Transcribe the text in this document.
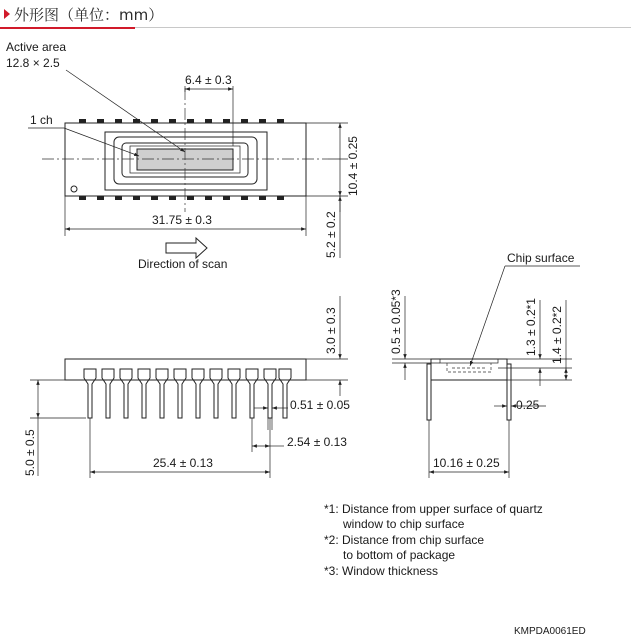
外形图（单位：mm）
Active area
12.8 × 2.5
1 ch
6.4 ± 0.3
10.4 ± 0.25
5.2 ± 0.2
31.75 ± 0.3
Direction of scan
3.0 ± 0.3
0.51 ± 0.05
2.54 ± 0.13
5.0 ± 0.5	25.4 ± 0.13
Chip surface
0.5 ± 0.05*3	1.3 ± 0.2*1 1.4 ± 0.2*2
0.25
10.16 ± 0.25
*1: Distance from upper surface of quartz
window to chip surface
*2: Distance from chip surface
to bottom of package
*3: Window thickness
KMPDA0061ED
